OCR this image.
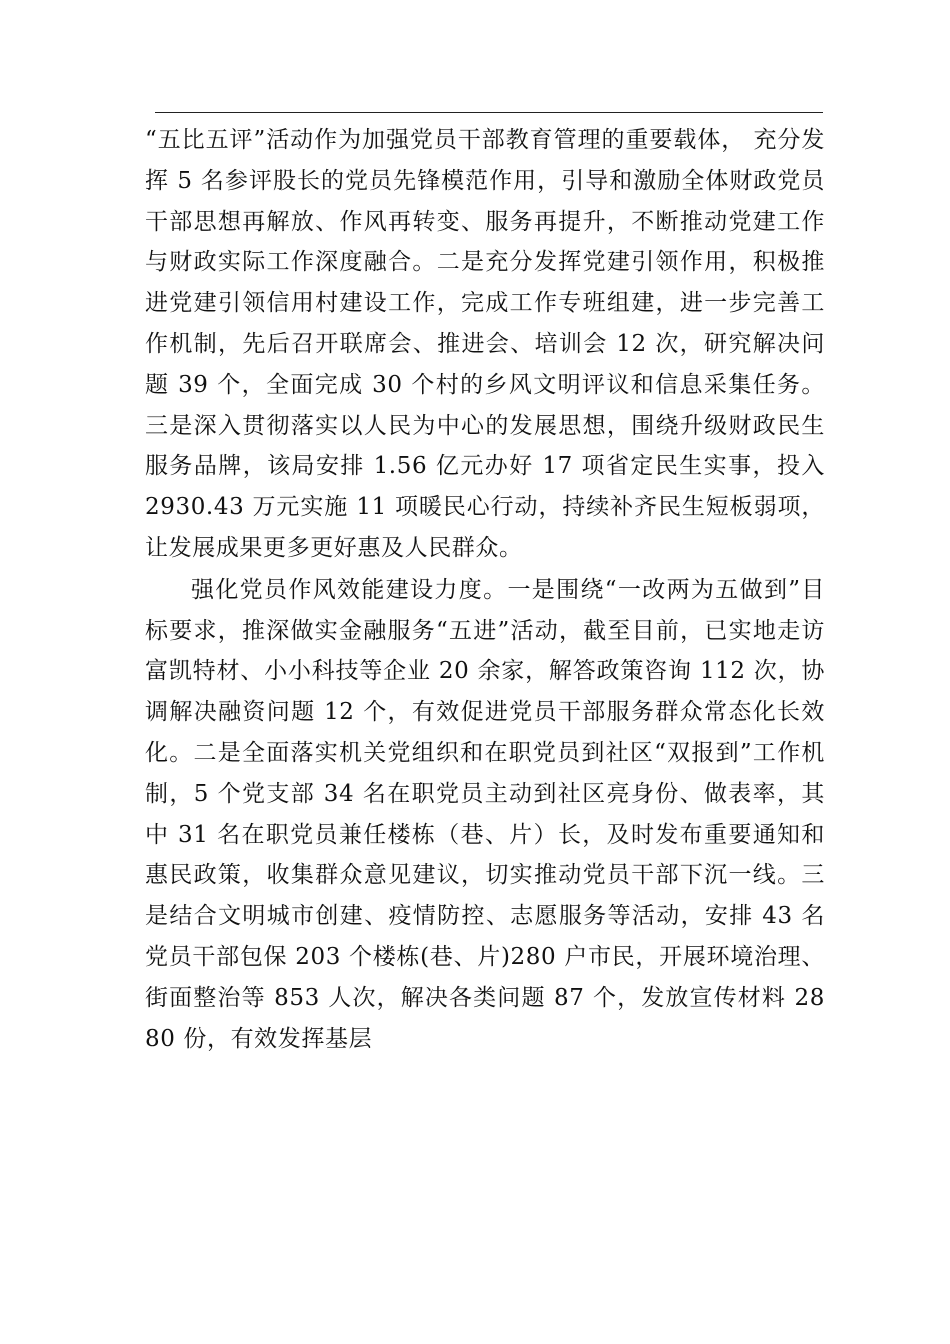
“五比五评”活动作为加强党员干部教育管理的重要载体， 充分发挥 5 名参评股长的党员先锋模范作用，引导和激励全体财政党员干部思想再解放、作风再转变、服务再提升，不断推动党建工作与财政实际工作深度融合。二是充分发挥党建引领作用，积极推进党建引领信用村建设工作，完成工作专班组建，进一步完善工作机制，先后召开联席会、推进会、培训会 12 次，研究解决问题 39 个，全面完成 30 个村的乡风文明评议和信息采集任务。三是深入贯彻落实以人民为中心的发展思想，围绕升级财政民生服务品牌，该局安排 1.56 亿元办好 17 项省定民生实事，投入 2930.43 万元实施 11 项暖民心行动，持续补齐民生短板弱项，让发展成果更多更好惠及人民群众。

强化党员作风效能建设力度。一是围绕“一改两为五做到”目标要求，推深做实金融服务“五进”活动，截至目前，已实地走访富凯特材、小小科技等企业 20 余家，解答政策咨询 112 次，协调解决融资问题 12 个，有效促进党员干部服务群众常态化长效化。二是全面落实机关党组织和在职党员到社区“双报到”工作机制，5 个党支部 34 名在职党员主动到社区亮身份、做表率，其中 31 名在职党员兼任楼栋（巷、片）长，及时发布重要通知和惠民政策，收集群众意见建议，切实推动党员干部下沉一线。三是结合文明城市创建、疫情防控、志愿服务等活动，安排 43 名党员干部包保 203 个楼栋(巷、片)280 户市民，开展环境治理、街面整治等 853 人次，解决各类问题 87 个，发放宣传材料 2880 份，有效发挥基层
